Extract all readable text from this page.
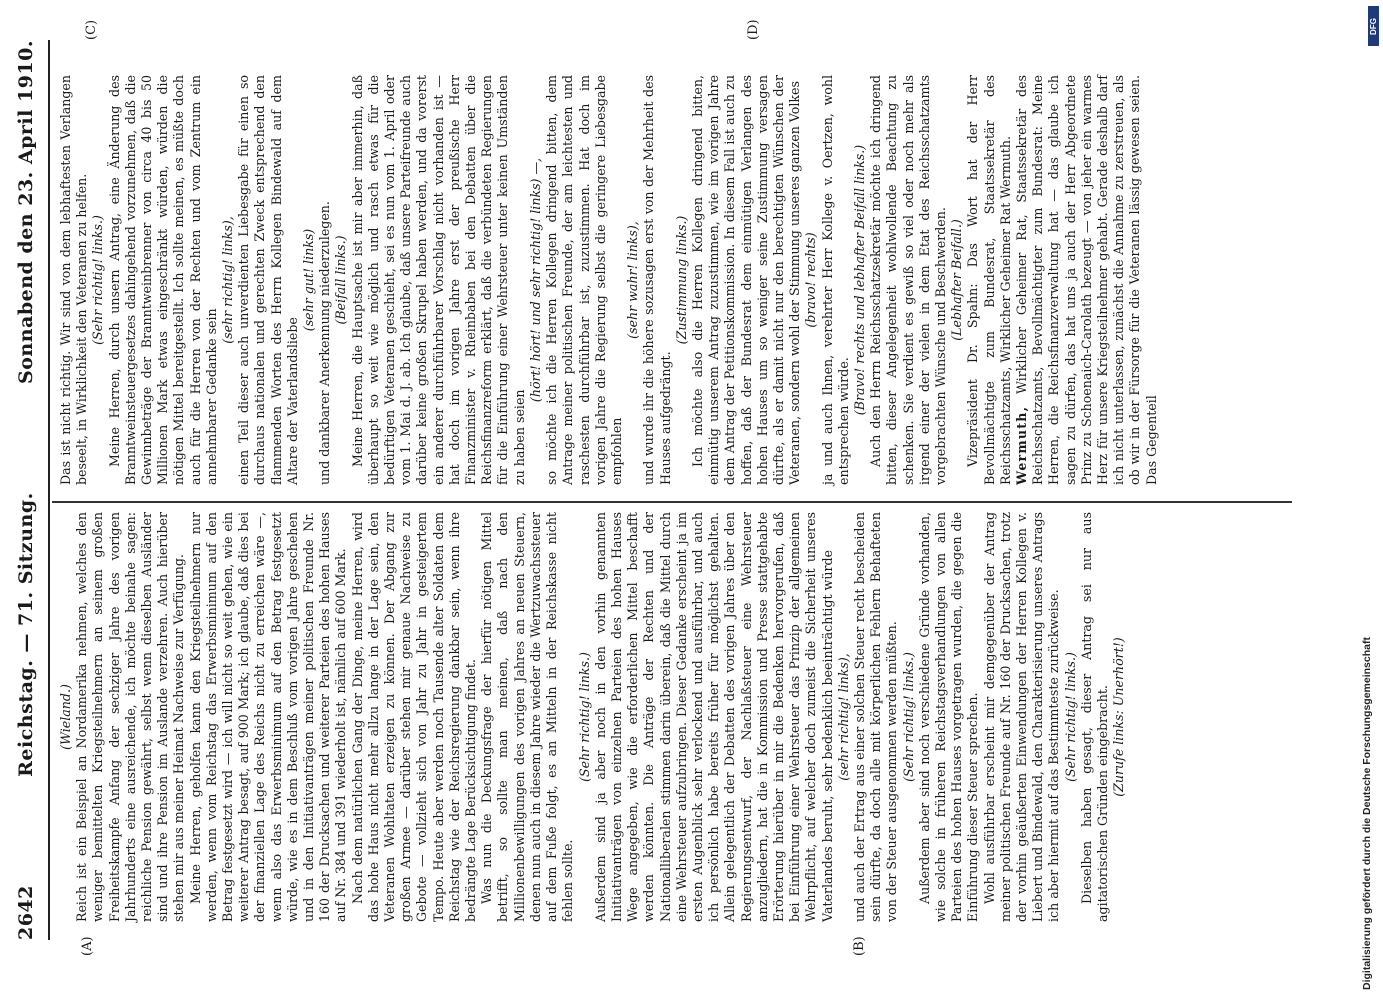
2642
Reichstag. — 71. Sitzung.
Sonnabend den 23. April 1910.
(A)	(B)
(C)	(D)

(Wieland.) Reich ist ein Beispiel an Nordamerika nehmen, welches den weniger bemittelten Kriegsteilnehmern an seinem großen Freiheitskampfe Anfang der sechziger Jahre des vorigen Jahrhunderts eine ausreichende, ich möchte beinahe sagen: reichliche Pension gewährt, selbst wenn dieselben Ausländer sind und ihre Pension im Auslande verzehren. Auch hierüber stehen mir aus meiner Heimat Nachweise zur Verfügung. Meine Herren, geholfen kann den Kriegsteilnehmern nur werden, wenn vom Reichstag das Erwerbsminimum auf den Betrag festgesetzt wird — ich will nicht so weit gehen, wie ein weiterer Antrag besagt, auf 900 Mark; ich glaube, daß dies bei der finanziellen Lage des Reichs nicht zu erreichen wäre —, wenn also das Erwerbsminimum auf den Betrag festgesetzt würde, wie es in dem Beschluß vom vorigen Jahre geschehen und in den Initiativanträgen meiner politischen Freunde Nr. 160 der Drucksachen und weiterer Parteien des hohen Hauses auf Nr. 384 und 391 wiederholt ist, nämlich auf 600 Mark. Nach dem natürlichen Gang der Dinge, meine Herren, wird das hohe Haus nicht mehr allzu lange in der Lage sein, den Veteranen Wohltaten erzeigen zu können. Der Abgang zur großen Armee — darüber stehen mir genaue Nachweise zu Gebote — vollzieht sich von Jahr zu Jahr in gesteigertem Tempo. Heute aber werden noch Tausende alter Soldaten dem Reichstag wie der Reichsregierung dankbar sein, wenn ihre bedrängte Lage Berücksichtigung findet. Was nun die Deckungsfrage der hierfür nötigen Mittel betrifft, so sollte man meinen, daß nach den Millionenbewilligungen des vorigen Jahres an neuen Steuern, denen nun auch in diesem Jahre wieder die Wertzuwachssteuer auf dem Fuße folgt, es an Mitteln in der Reichskasse nicht fehlen sollte.

(Sehr richtig! links.) Außerdem sind ja aber noch in den vorhin genannten Initiativanträgen von einzelnen Parteien des hohen Hauses Wege angegeben, wie die erforderlichen Mittel beschafft werden könnten. Die Anträge der Rechten und der Nationalliberalen stimmen darin überein, daß die Mittel durch eine Wehrsteuer aufzubringen. Dieser Gedanke erscheint ja im ersten Augenblick sehr verlockend und ausführbar, und auch ich persönlich habe bereits früher für möglichst gehalten. Allein gelegentlich der Debatten des vorigen Jahres über den Regierungsentwurf, der Nachlaßsteuer eine Wehrsteuer anzugliedern, hat die in Kommission und Presse stattgehabte Erörterung hierüber in mir die Bedenken hervorgerufen, daß bei Einführung einer Wehrsteuer das Prinzip der allgemeinen Wehrpflicht, auf welcher doch zumeist die Sicherheit unseres Vaterlandes beruht, sehr bedenklich beeinträchtigt würde (sehr richtig! links), und auch der Ertrag aus einer solchen Steuer recht bescheiden sein dürfte, da doch alle mit körperlichen Fehlern Behafteten von der Steuer ausgenommen werden müßten. (Sehr richtig! links.) Außerdem aber sind noch verschiedene Gründe vorhanden, wie solche in früheren Reichstagsverhandlungen von allen Parteien des hohen Hauses vorgetragen wurden, die gegen die Einführung dieser Steuer sprechen. Wohl ausführbar erscheint mir demgegenüber der Antrag meiner politischen Freunde auf Nr. 160 der Drucksachen, trotz der vorhin geäußerten Einwendungen der Herren Kollegen v. Liebert und Bindewald, den Charakterisierung unseres Antrags ich aber hiermit auf das Bestimmteste zurückweise. (Sehr richtig! links.) Dieselben haben gesagt, dieser Antrag sei nur aus agitatorischen Gründen eingebracht. (Zurufe links: Unerhört!)

Das ist nicht richtig. Wir sind von dem lebhaftesten Verlangen beseelt, in Wirklichkeit den Veteranen zu helfen. (Sehr richtig! links.) Meine Herren, durch unsern Antrag, eine Änderung des Branntweinsteuergesetzes dahingehend vorzunehmen, daß die Gewinnbeträge der Branntweinbrenner von circa 40 bis 50 Millionen Mark etwas eingeschränkt würden, würden die nötigen Mittel bereitgestellt. Ich sollte meinen, es müßte doch auch für die Herren von der Rechten und vom Zentrum ein annehmbarer Gedanke sein

(sehr richtig! links), einen Teil dieser auch unverdienten Liebesgabe für einen so durchaus nationalen und gerechten Zweck entsprechend den flammenden Worten des Herrn Kollegen Bindewald auf dem Altare der Vaterlandsliebe

(sehr gut! links) und dankbarer Anerkennung niederzulegen. (Beifall links.) Meine Herren, die Hauptsache ist mir aber immerhin, daß überhaupt so weit wie möglich und rasch etwas für die bedürftigen Veteranen geschieht, sei es nun vom 1. April oder vom 1. Mai d. J. ab. Ich glaube, daß unsere Parteifreunde auch darüber keine großen Skrupel haben werden, und da vorerst ein anderer durchführbarer Vorschlag nicht vorhanden ist — hat doch im vorigen Jahre erst der preußische Herr Finanzminister v. Rheinbaben bei den Debatten über die Reichsfinanzreform erklärt, daß die verbündeten Regierungen für die Einführung einer Wehrsteuer unter keinen Umständen zu haben seien

(hört! hört! und sehr richtig! links) —, so möchte ich die Herren Kollegen dringend bitten, dem Antrage meiner politischen Freunde, der am leichtesten und raschesten durchführbar ist, zuzustimmen. Hat doch im vorigen Jahre die Regierung selbst die geringere Liebesgabe empfohlen

(sehr wahr! links), und wurde ihr die höhere sozusagen erst von der Mehrheit des Hauses aufgedrängt.

(Zustimmung links.) Ich möchte also die Herren Kollegen dringend bitten, einmütig unserem Antrag zuzustimmen, wie im vorigen Jahre dem Antrag der Petitionskommission. In diesem Fall ist auch zu hoffen, daß der Bundesrat dem einmütigen Verlangen des hohen Hauses um so weniger seine Zustimmung versagen dürfte, als er damit nicht nur den berechtigten Wünschen der Veteranen, sondern wohl der Stimmung unseres ganzen Volkes (bravo! rechts) ja und auch Ihnen, verehrter Herr Kollege v. Oertzen, wohl entsprechen würde.

(Bravo! rechts und lebhafter Beifall links.) Auch den Herrn Reichsschatzsekretär möchte ich dringend bitten, dieser Angelegenheit wohlwollende Beachtung zu schenken. Sie verdient es gewiß so viel oder noch mehr als irgend einer der vielen in dem Etat des Reichsschatzamts vorgebrachten Wünsche und Beschwerden. (Lebhafter Beifall.) Vizepräsident Dr. Spahn: Das Wort hat der Herr Bevollmächtigte zum Bundesrat, Staatssekretär des Reichsschatzamts, Wirklicher Geheimer Rat Wermuth. Wermuth, Wirklicher Geheimer Rat, Staatssekretär des Reichsschatzamts, Bevollmächtigter zum Bundesrat: Meine Herren, die Reichsfinanzverwaltung hat — das glaube ich sagen zu dürfen, das hat uns ja auch der Herr Abgeordnete Prinz zu Schoenaich-Carolath bezeugt — von jeher ein warmes Herz für unsere Kriegsteilnehmer gehabt. Gerade deshalb darf ich nicht unterlassen, zunächst die Annahme zu zerstreuen, als ob wir in der Fürsorge für die Veteranen lässig gewesen seien. Das Gegenteil

DFG
Digitalisierung gefördert durch die Deutsche Forschungsgemeinschaft
